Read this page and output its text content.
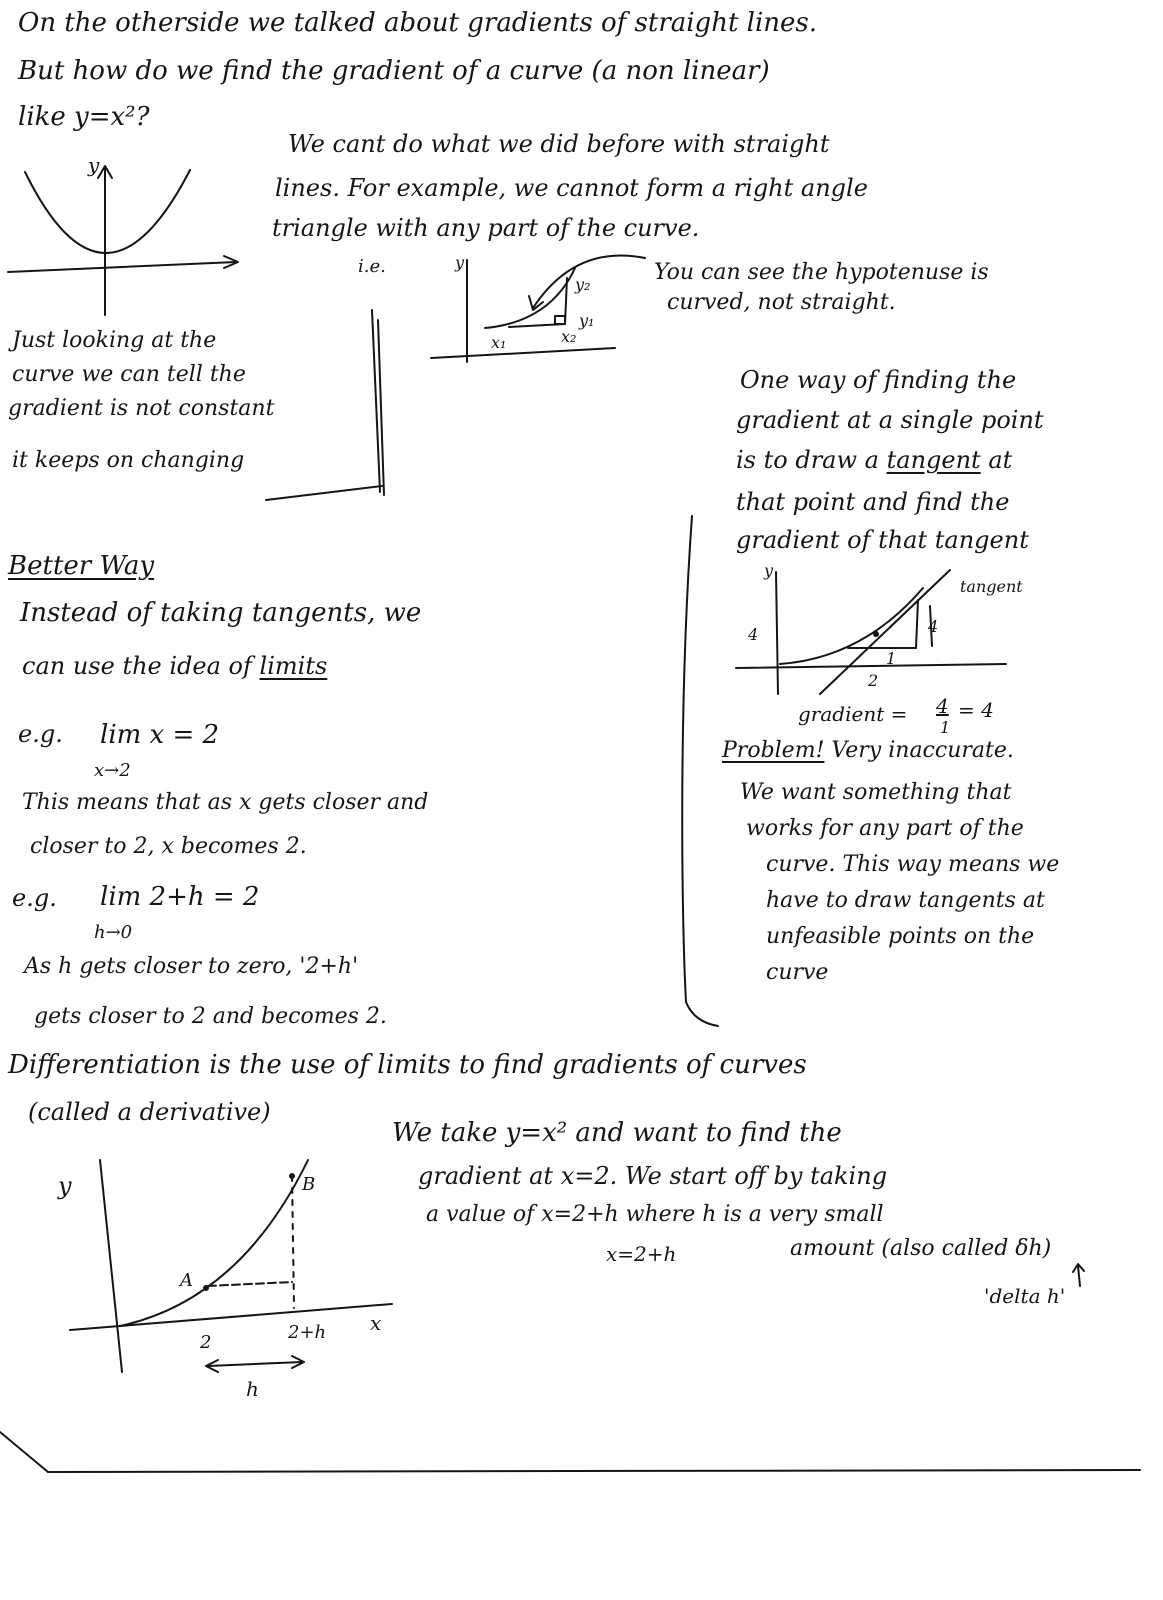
On the otherside we talked about gradients of straight lines.
But how do we find the gradient of a curve (a non linear)
like y=x²?
y
We cant do what we did before with straight
lines. For example, we cannot form a right angle
triangle with any part of the curve.
i.e.	y
x₁	x₂
y₁
y₂	You can see the hypotenuse is
curved, not straight.
Just looking at the
curve we can tell the
gradient is not constant
it keeps on changing
One way of finding the
gradient at a single point
is to draw a tangent at
that point and find the
gradient of that tangent
y
4
2
tangent
4
1
gradient = 4
1
= 4
Problem! Very inaccurate.
We want something that
works for any part of the
curve. This way means we
have to draw tangents at
unfeasible points on the
curve
Better Way
Instead of taking tangents, we
can use the idea of limits
e.g. lim x = 2
x→2
This means that as x gets closer and
closer to 2, x becomes 2.
e.g. lim 2+h = 2
h→0
As h gets closer to zero, '2+h'
gets closer to 2 and becomes 2.
Differentiation is the use of limits to find gradients of curves
(called a derivative)
y
x
A
B
2	2+h
h
We take y=x² and want to find the
gradient at x=2. We start off by taking
a value of x=2+h where h is a very small
x=2+h	amount (also called δh)
'delta h'
